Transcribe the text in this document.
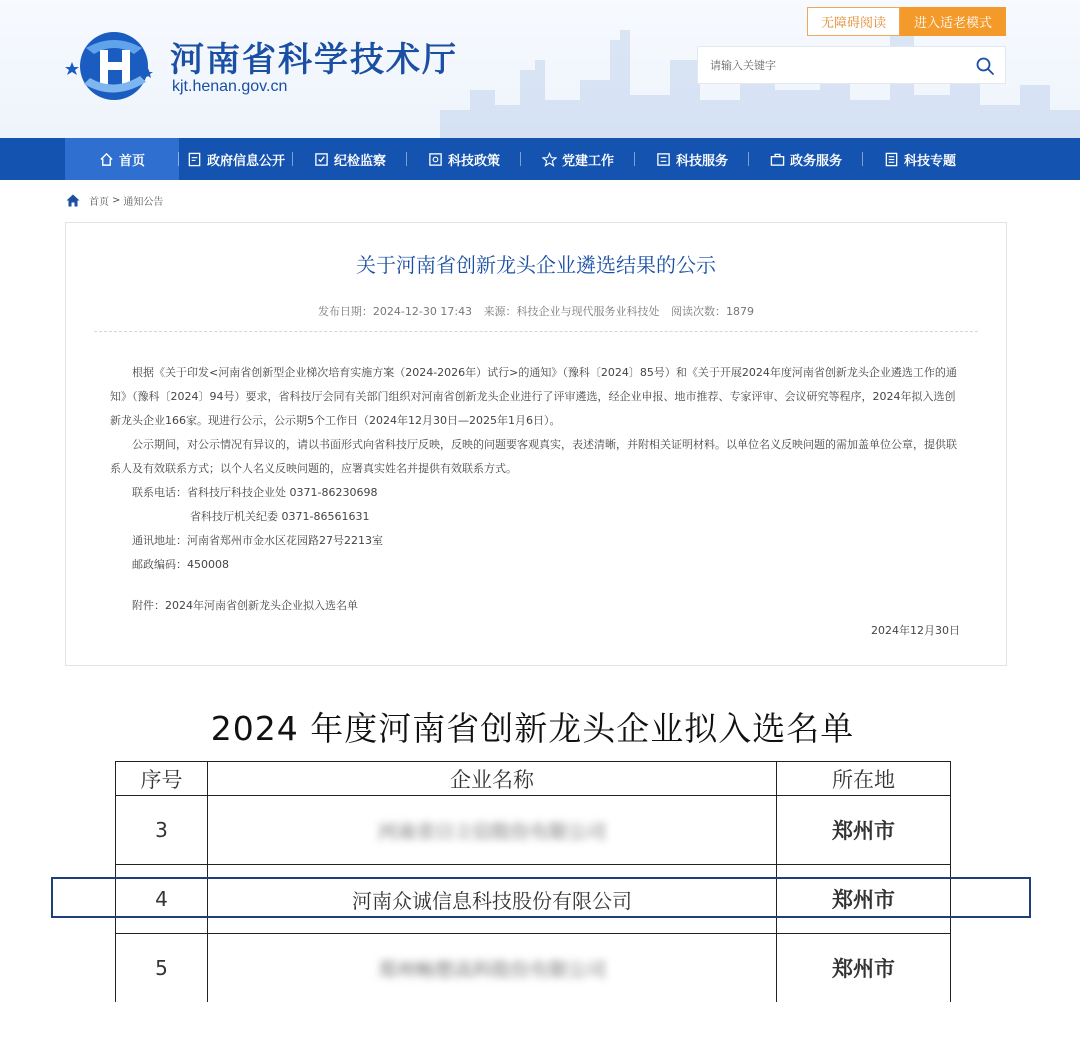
河南省科学技术厅
kjt.henan.gov.cn
无障碍阅读	进入适老模式
请输入关键字
首页	政府信息公开	纪检监察	科技政策	党建工作	科技服务	政务服务	科技专题
首页 > 通知公告
关于河南省创新龙头企业遴选结果的公示
发布日期：2024-12-30 17:43 来源：科技企业与现代服务业科技处 阅读次数：1879

根据《关于印发<河南省创新型企业梯次培育实施方案（2024-2026年）试行>的通知》（豫科〔2024〕85号）和《关于开展2024年度河南省创新龙头企业遴选工作的通知》（豫科〔2024〕94号）要求，省科技厅会同有关部门组织对河南省创新龙头企业进行了评审遴选，经企业申报、地市推荐、专家评审、会议研究等程序，2024年拟入选创新龙头企业166家。现进行公示，公示期5个工作日（2024年12月30日—2025年1月6日）。

公示期间，对公示情况有异议的，请以书面形式向省科技厅反映，反映的问题要客观真实，表述清晰，并附相关证明材料。以单位名义反映问题的需加盖单位公章，提供联系人及有效联系方式；以个人名义反映问题的，应署真实姓名并提供有效联系方式。

联系电话：省科技厅科技企业处 0371-86230698
省科技厅机关纪委 0371-86561631
通讯地址：河南省郑州市金水区花园路27号2213室
邮政编码：450008
附件：2024年河南省创新龙头企业拟入选名单
2024年12月30日
2024 年度河南省创新龙头企业拟入选名单
序号	企业名称	所在地
3	河南省日立信股份有限公司	郑州市
4	河南众诚信息科技股份有限公司	郑州市
5	郑州畅想高科股份有限公司	郑州市
